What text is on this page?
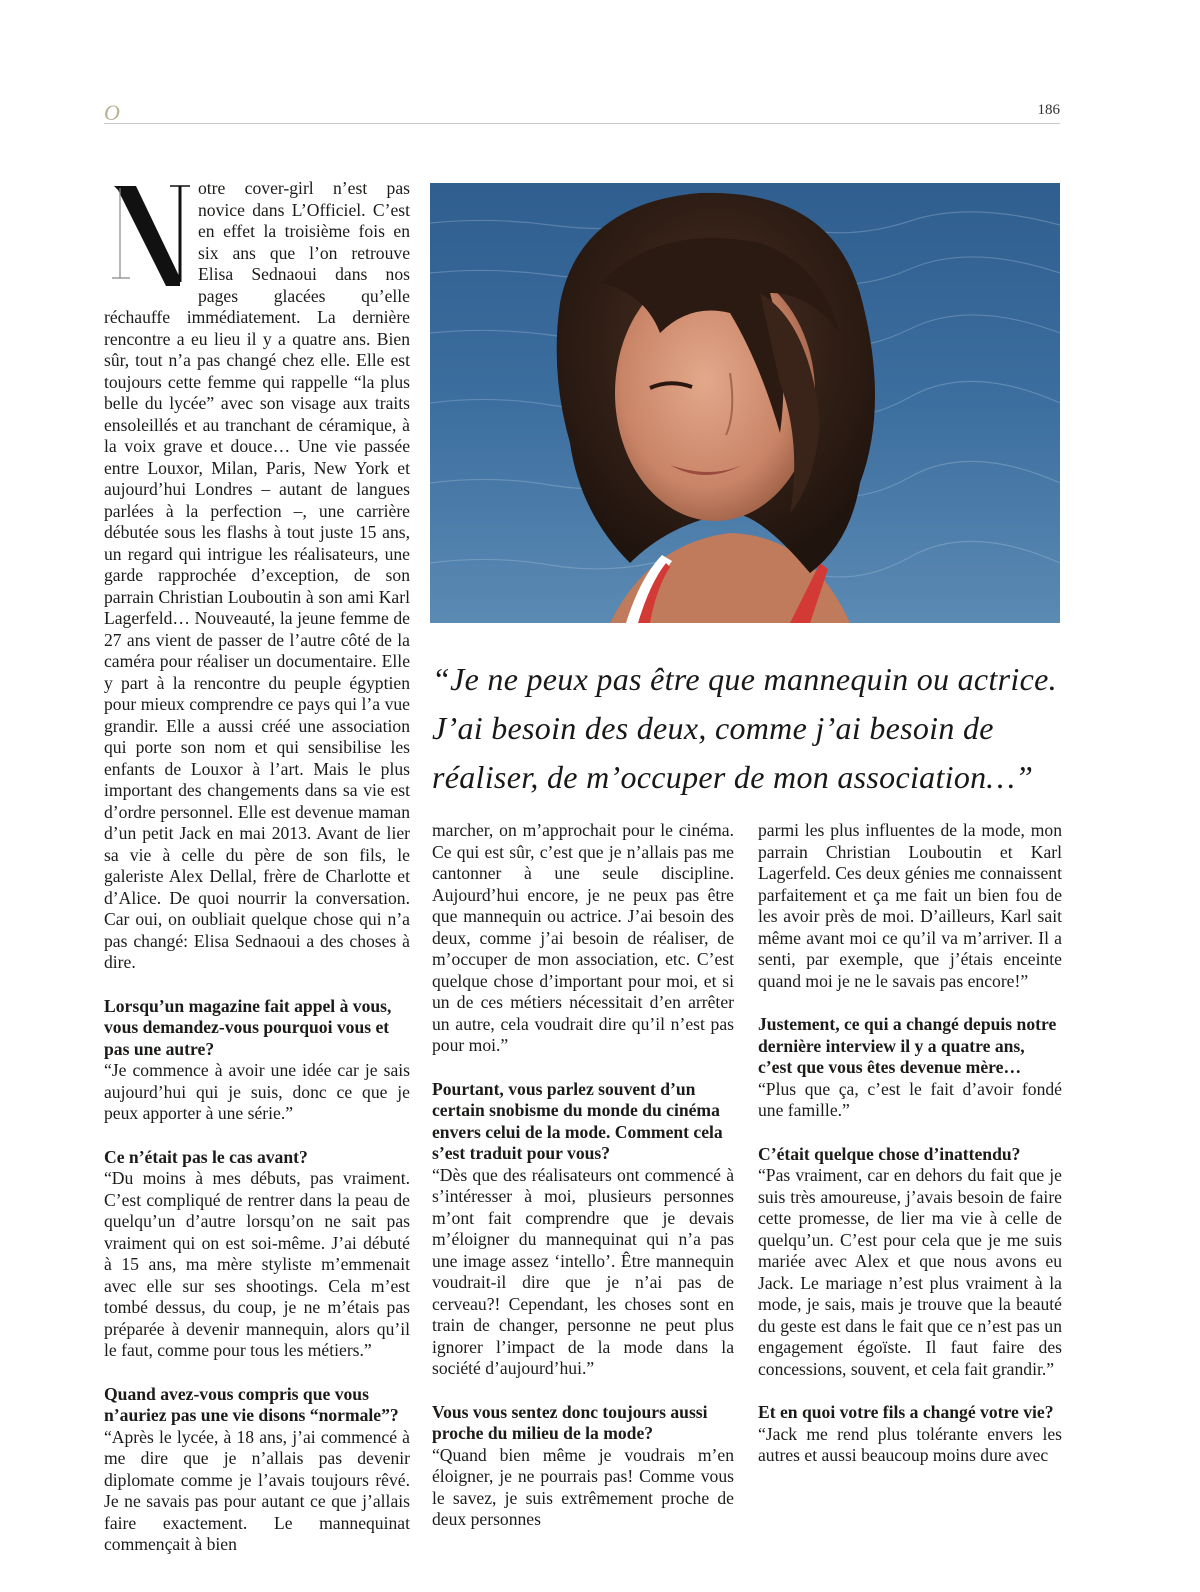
O	186
“Je ne peux pas être que mannequin ou actrice.
J’ai besoin des deux, comme j’ai besoin de
réaliser, de m’occuper de mon association…”

N	otre cover-girl n’est pas novice dans L’Officiel. C’est en effet la troisième fois en six ans que l’on retrouve Elisa Sednaoui dans nos pages glacées qu’elle réchauffe immédiatement. La dernière rencontre a eu lieu il y a quatre ans. Bien sûr, tout n’a pas changé chez elle. Elle est toujours cette femme qui rappelle “la plus belle du lycée” avec son visage aux traits ensoleillés et au tranchant de céramique, à la voix grave et douce… Une vie passée entre Louxor, Milan, Paris, New York et aujourd’hui Londres – autant de langues parlées à la perfection –, une carrière débutée sous les flashs à tout juste 15 ans, un regard qui intrigue les réalisateurs, une garde rapprochée d’exception, de son parrain Christian Louboutin à son ami Karl Lagerfeld… Nouveauté, la jeune femme de 27 ans vient de passer de l’autre côté de la caméra pour réaliser un documentaire. Elle y part à la rencontre du peuple égyptien pour mieux comprendre ce pays qui l’a vue grandir. Elle a aussi créé une association qui porte son nom et qui sensibilise les enfants de Louxor à l’art. Mais le plus important des changements dans sa vie est d’ordre personnel. Elle est devenue maman d’un petit Jack en mai 2013. Avant de lier sa vie à celle du père de son fils, le galeriste Alex Dellal, frère de Charlotte et d’Alice. De quoi nourrir la conversation. Car oui, on oubliait quelque chose qui n’a pas changé: Elisa Sednaoui a des choses à dire.

Lorsqu’un magazine fait appel à vous, vous demandez-vous pourquoi vous et pas une autre?

“Je commence à avoir une idée car je sais aujourd’hui qui je suis, donc ce que je peux apporter à une série.”

Ce n’était pas le cas avant?

“Du moins à mes débuts, pas vraiment. C’est compliqué de rentrer dans la peau de quelqu’un d’autre lorsqu’on ne sait pas vraiment qui on est soi-même. J’ai débuté à 15 ans, ma mère styliste m’emmenait avec elle sur ses shootings. Cela m’est tombé dessus, du coup, je ne m’étais pas préparée à devenir mannequin, alors qu’il le faut, comme pour tous les métiers.”

Quand avez-vous compris que vous n’auriez pas une vie disons “normale”?

“Après le lycée, à 18 ans, j’ai commencé à me dire que je n’allais pas devenir diplomate comme je l’avais toujours rêvé. Je ne savais pas pour autant ce que j’allais faire exactement. Le mannequinat commençait à bien

marcher, on m’approchait pour le cinéma. Ce qui est sûr, c’est que je n’allais pas me cantonner à une seule discipline. Aujourd’hui encore, je ne peux pas être que mannequin ou actrice. J’ai besoin des deux, comme j’ai besoin de réaliser, de m’occuper de mon association, etc. C’est quelque chose d’important pour moi, et si un de ces métiers nécessitait d’en arrêter un autre, cela voudrait dire qu’il n’est pas pour moi.”

Pourtant, vous parlez souvent d’un certain snobisme du monde du cinéma envers celui de la mode. Comment cela s’est traduit pour vous?

“Dès que des réalisateurs ont commencé à s’intéresser à moi, plusieurs personnes m’ont fait comprendre que je devais m’éloigner du mannequinat qui n’a pas une image assez ‘intello’. Être mannequin voudrait-il dire que je n’ai pas de cerveau?! Cependant, les choses sont en train de changer, personne ne peut plus ignorer l’impact de la mode dans la société d’aujourd’hui.”

Vous vous sentez donc toujours aussi proche du milieu de la mode?

“Quand bien même je voudrais m’en éloigner, je ne pourrais pas! Comme vous le savez, je suis extrêmement proche de deux personnes

parmi les plus influentes de la mode, mon parrain Christian Louboutin et Karl Lagerfeld. Ces deux génies me connaissent parfaitement et ça me fait un bien fou de les avoir près de moi. D’ailleurs, Karl sait même avant moi ce qu’il va m’arriver. Il a senti, par exemple, que j’étais enceinte quand moi je ne le savais pas encore!”

Justement, ce qui a changé depuis notre dernière interview il y a quatre ans, c’est que vous êtes devenue mère…

“Plus que ça, c’est le fait d’avoir fondé une famille.”

C’était quelque chose d’inattendu?

“Pas vraiment, car en dehors du fait que je suis très amoureuse, j’avais besoin de faire cette promesse, de lier ma vie à celle de quelqu’un. C’est pour cela que je me suis mariée avec Alex et que nous avons eu Jack. Le mariage n’est plus vraiment à la mode, je sais, mais je trouve que la beauté du geste est dans le fait que ce n’est pas un engagement égoïste. Il faut faire des concessions, souvent, et cela fait grandir.”

Et en quoi votre fils a changé votre vie?

“Jack me rend plus tolérante envers les autres et aussi beaucoup moins dure avec
